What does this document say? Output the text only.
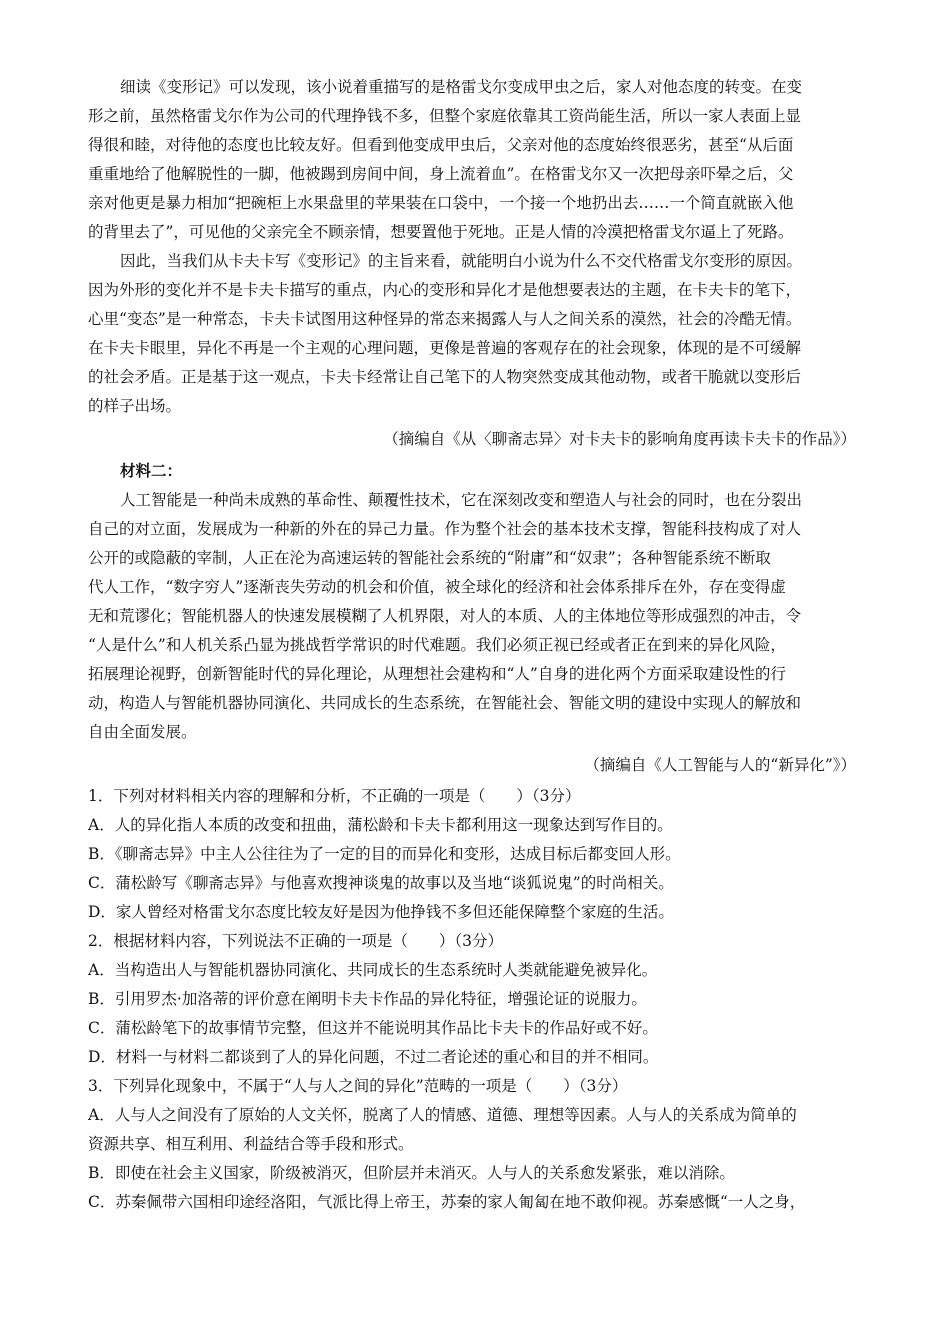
细读《变形记》可以发现，该小说着重描写的是格雷戈尔变成甲虫之后，家人对他态度的转变。在变
形之前，虽然格雷戈尔作为公司的代理挣钱不多，但整个家庭依靠其工资尚能生活，所以一家人表面上显
得很和睦，对待他的态度也比较友好。但看到他变成甲虫后，父亲对他的态度始终很恶劣，甚至“从后面
重重地给了他解脱性的一脚，他被踢到房间中间，身上流着血”。在格雷戈尔又一次把母亲吓晕之后，父
亲对他更是暴力相加“把碗柜上水果盘里的苹果装在口袋中，一个接一个地扔出去……一个简直就嵌入他
的背里去了”，可见他的父亲完全不顾亲情，想要置他于死地。正是人情的冷漠把格雷戈尔逼上了死路。
因此，当我们从卡夫卡写《变形记》的主旨来看，就能明白小说为什么不交代格雷戈尔变形的原因。
因为外形的变化并不是卡夫卡描写的重点，内心的变形和异化才是他想要表达的主题，在卡夫卡的笔下，
心里“变态”是一种常态，卡夫卡试图用这种怪异的常态来揭露人与人之间关系的漠然，社会的冷酷无情。
在卡夫卡眼里，异化不再是一个主观的心理问题，更像是普遍的客观存在的社会现象，体现的是不可缓解
的社会矛盾。正是基于这一观点，卡夫卡经常让自己笔下的人物突然变成其他动物，或者干脆就以变形后
的样子出场。
（摘编自《从〈聊斋志异〉对卡夫卡的影响角度再读卡夫卡的作品》）
材料二：
人工智能是一种尚未成熟的革命性、颠覆性技术，它在深刻改变和塑造人与社会的同时，也在分裂出
自己的对立面，发展成为一种新的外在的异己力量。作为整个社会的基本技术支撑，智能科技构成了对人
公开的或隐蔽的宰制，人正在沦为高速运转的智能社会系统的“附庸”和“奴隶”；各种智能系统不断取
代人工作，“数字穷人”逐渐丧失劳动的机会和价值，被全球化的经济和社会体系排斥在外，存在变得虚
无和荒谬化；智能机器人的快速发展模糊了人机界限，对人的本质、人的主体地位等形成强烈的冲击，令
“人是什么”和人机关系凸显为挑战哲学常识的时代难题。我们必须正视已经或者正在到来的异化风险，
拓展理论视野，创新智能时代的异化理论，从理想社会建构和“人”自身的进化两个方面采取建设性的行
动，构造人与智能机器协同演化、共同成长的生态系统，在智能社会、智能文明的建设中实现人的解放和
自由全面发展。
（摘编自《人工智能与人的“新异化”》）
1．下列对材料相关内容的理解和分析，不正确的一项是（　　）（3分）
A．人的异化指人本质的改变和扭曲，蒲松龄和卡夫卡都利用这一现象达到写作目的。
B．《聊斋志异》中主人公往往为了一定的目的而异化和变形，达成目标后都变回人形。
C．蒲松龄写《聊斋志异》与他喜欢搜神谈鬼的故事以及当地“谈狐说鬼”的时尚相关。
D．家人曾经对格雷戈尔态度比较友好是因为他挣钱不多但还能保障整个家庭的生活。
2．根据材料内容，下列说法不正确的一项是（　　）（3分）
A．当构造出人与智能机器协同演化、共同成长的生态系统时人类就能避免被异化。
B．引用罗杰·加洛蒂的评价意在阐明卡夫卡作品的异化特征，增强论证的说服力。
C．蒲松龄笔下的故事情节完整，但这并不能说明其作品比卡夫卡的作品好或不好。
D．材料一与材料二都谈到了人的异化问题，不过二者论述的重心和目的并不相同。
3．下列异化现象中，不属于“人与人之间的异化”范畴的一项是（　　）（3分）
A．人与人之间没有了原始的人文关怀，脱离了人的情感、道德、理想等因素。人与人的关系成为简单的
资源共享、相互利用、利益结合等手段和形式。
B．即使在社会主义国家，阶级被消灭，但阶层并未消灭。人与人的关系愈发紧张，难以消除。
C．苏秦佩带六国相印途经洛阳，气派比得上帝王，苏秦的家人匍匐在地不敢仰视。苏秦感慨“一人之身，
